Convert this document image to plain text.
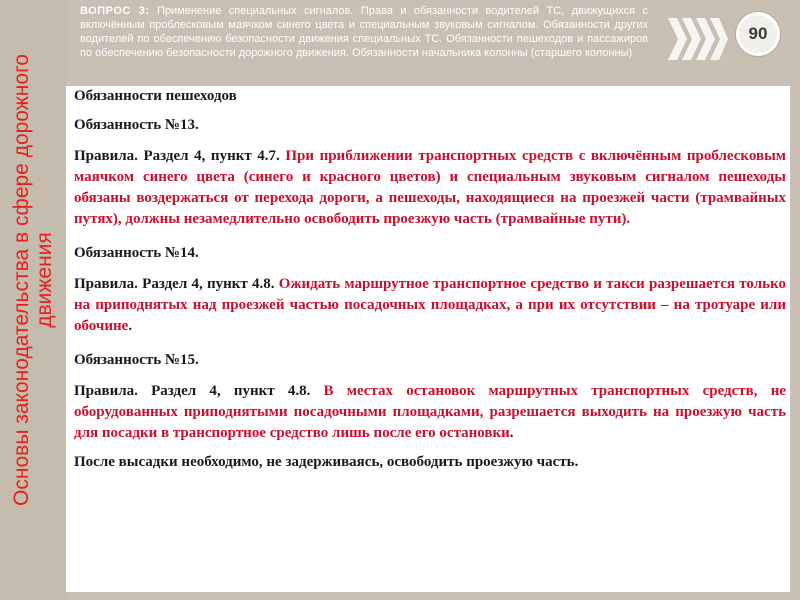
Основы законодательства в сфере дорожного движения
ВОПРОС 3: Применение специальных сигналов. Права и обязанности водителей ТС, движущихся с включённым проблесковым маячком синего цвета и специальным звуковым сигналом. Обязанности других водителей по обеспечению безопасности движения специальных ТС. Обязанности пешеходов и пассажиров по обеспечению безопасности дорожного движения. Обязанности начальника колонны (старшего колонны)
90

Обязанности пешеходов

Обязанность №13.

Правила. Раздел 4, пункт 4.7. При приближении транспортных средств с включённым проблесковым маячком синего цвета (синего и красного цветов) и специальным звуковым сигналом пешеходы обязаны воздержаться от перехода дороги, а пешеходы, находящиеся на проезжей части (трамвайных путях), должны незамедлительно освободить проезжую часть (трамвайные пути).

Обязанность №14.

Правила. Раздел 4, пункт 4.8. Ожидать маршрутное транспортное средство и такси разрешается только на приподнятых над проезжей частью посадочных площадках, а при их отсутствии – на тротуаре или обочине.

Обязанность №15.

Правила. Раздел 4, пункт 4.8. В местах остановок маршрутных транспортных средств, не оборудованных приподнятыми посадочными площадками, разрешается выходить на проезжую часть для посадки в транспортное средство лишь после его остановки.

После высадки необходимо, не задерживаясь, освободить проезжую часть.

ЗАНЯТИЕ: Общие положения ПДД. Обязанности водителей,
пешеходов и пассажиров
